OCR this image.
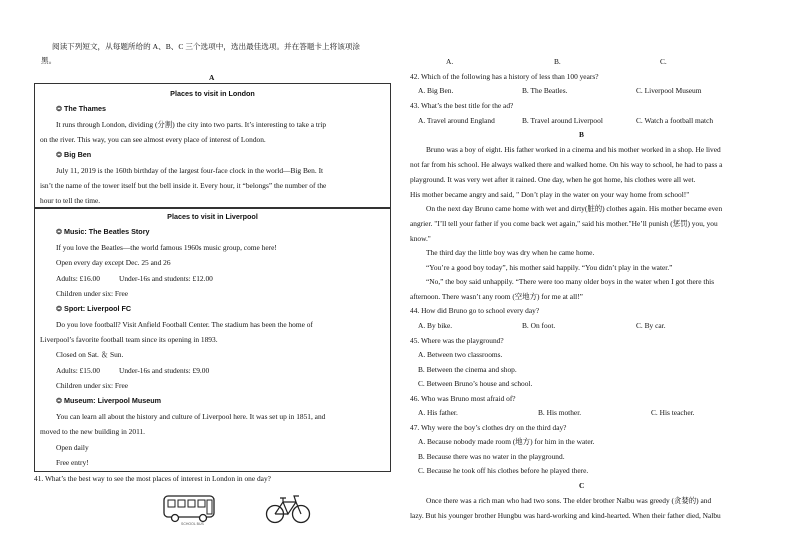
阅读下列短文，从每题所给的 A、B、C 三个选项中，选出最佳选项。并在答题卡上将该项涂
黑。
A
Places to visit in London
❂ The Thames
It runs through London, dividing (分割) the city into two parts. It’s interesting to take a trip
on the river. This way, you can see almost every place of interest of London.
❂ Big Ben
July 11, 2019 is the 160th birthday of the largest four-face clock in the world—Big Ben. It
isn’t the name of the tower itself but the bell inside it. Every hour, it “belongs” the number of the
hour to tell the time.
Places to visit in Liverpool
❂ Music: The Beatles Story
If you love the Beatles—the world famous 1960s music group, come here!
Open every day except Dec. 25 and 26
Adults: £16.00	Under-16s and students: £12.00
Children under six: Free
❂ Sport: Liverpool FC
Do you love football? Visit Anfield Football Center. The stadium has been the home of
Liverpool’s favorite football team since its opening in 1893.
Closed on Sat. ＆ Sun.
Adults: £15.00	Under-16s and students: £9.00
Children under six: Free
❂ Museum: Liverpool Museum
You can learn all about the history and culture of Liverpool here. It was set up in 1851, and
moved to the new building in 2011.
Open daily
Free entry!
41. What’s the best way to see the most places of interest in London in one day?
SCHOOL BUS
A.	B.	C.
42. Which of the following has a history of less than 100 years?
A. Big Ben.	B. The Beatles.	C. Liverpool Museum
43. What’s the best title for the ad?
A. Travel around England	B. Travel around Liverpool	C. Watch a football match
B
Bruno was a boy of eight. His father worked in a cinema and his mother worked in a shop. He lived
not far from his school. He always walked there and walked home. On his way to school, he had to pass a
playground. It was very wet after it rained. One day, when he got home, his clothes were all wet.
His mother became angry and said, " Don’t play in the water on your way home from school!"
On the next day Bruno came home with wet and dirty(脏的) clothes again. His mother became even
angrier. "I’ll tell your father if you come back wet again," said his mother."He’ll punish (惩罚) you, you
know."
The third day the little boy was dry when he came home.
“You’re a good boy today”, his mother said happily. “You didn’t play in the water.”
“No,” the boy said unhappily. “There were too many older boys in the water when I got there this
afternoon. There wasn’t any room (空地方) for me at all!”
44. How did Bruno go to school every day?
A. By bike.	B. On foot.	C. By car.
45. Where was the playground?
A. Between two classrooms.
B. Between the cinema and shop.
C. Between Bruno’s house and school.
46. Who was Bruno most afraid of?
A. His father.	B. His mother.	C. His teacher.
47. Why were the boy’s clothes dry on the third day?
A. Because nobody made room (地方) for him in the water.
B. Because there was no water in the playground.
C. Because he took off his clothes before he played there.
C
Once there was a rich man who had two sons. The elder brother Nalbu was greedy (贪婪的) and
lazy. But his younger brother Hungbu was hard-working and kind-hearted. When their father died, Nalbu
